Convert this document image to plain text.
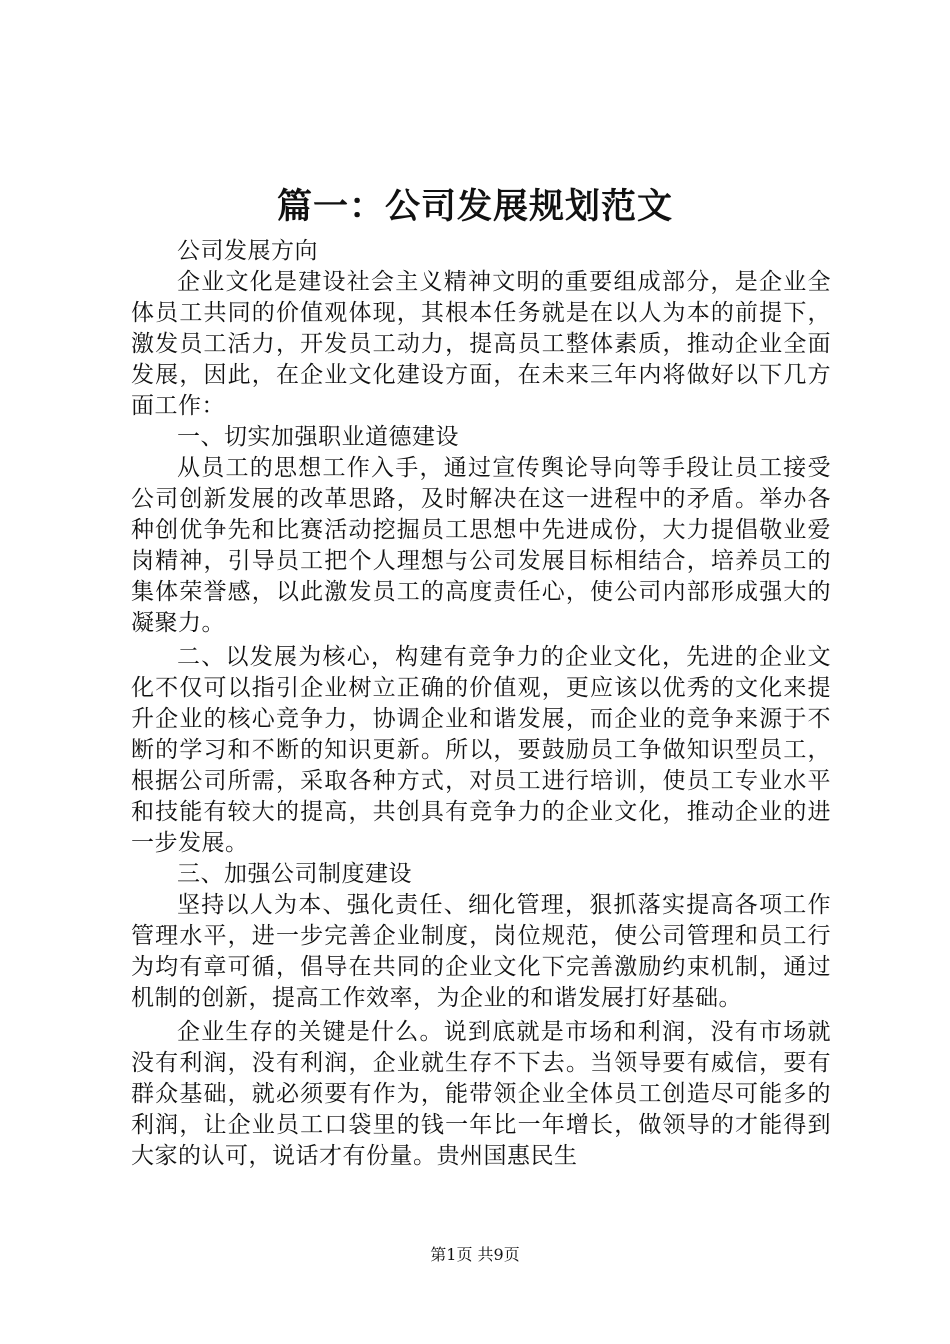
篇一：公司发展规划范文

公司发展方向

企业文化是建设社会主义精神文明的重要组成部分，是企业全体员工共同的价值观体现，其根本任务就是在以人为本的前提下，激发员工活力，开发员工动力，提高员工整体素质，推动企业全面发展，因此，在企业文化建设方面，在未来三年内将做好以下几方面工作：

一、切实加强职业道德建设

从员工的思想工作入手，通过宣传舆论导向等手段让员工接受公司创新发展的改革思路，及时解决在这一进程中的矛盾。举办各种创优争先和比赛活动挖掘员工思想中先进成份，大力提倡敬业爱岗精神，引导员工把个人理想与公司发展目标相结合，培养员工的集体荣誉感，以此激发员工的高度责任心，使公司内部形成强大的凝聚力。

二、以发展为核心，构建有竞争力的企业文化，先进的企业文化不仅可以指引企业树立正确的价值观，更应该以优秀的文化来提升企业的核心竞争力，协调企业和谐发展，而企业的竞争来源于不断的学习和不断的知识更新。所以，要鼓励员工争做知识型员工，根据公司所需，采取各种方式，对员工进行培训，使员工专业水平和技能有较大的提高，共创具有竞争力的企业文化，推动企业的进一步发展。

三、加强公司制度建设

坚持以人为本、强化责任、细化管理，狠抓落实提高各项工作管理水平，进一步完善企业制度，岗位规范，使公司管理和员工行为均有章可循，倡导在共同的企业文化下完善激励约束机制，通过机制的创新，提高工作效率，为企业的和谐发展打好基础。

企业生存的关键是什么。说到底就是市场和利润，没有市场就没有利润，没有利润，企业就生存不下去。当领导要有威信，要有群众基础，就必须要有作为，能带领企业全体员工创造尽可能多的利润，让企业员工口袋里的钱一年比一年增长，做领导的才能得到大家的认可，说话才有份量。贵州国惠民生

第1页 共9页
